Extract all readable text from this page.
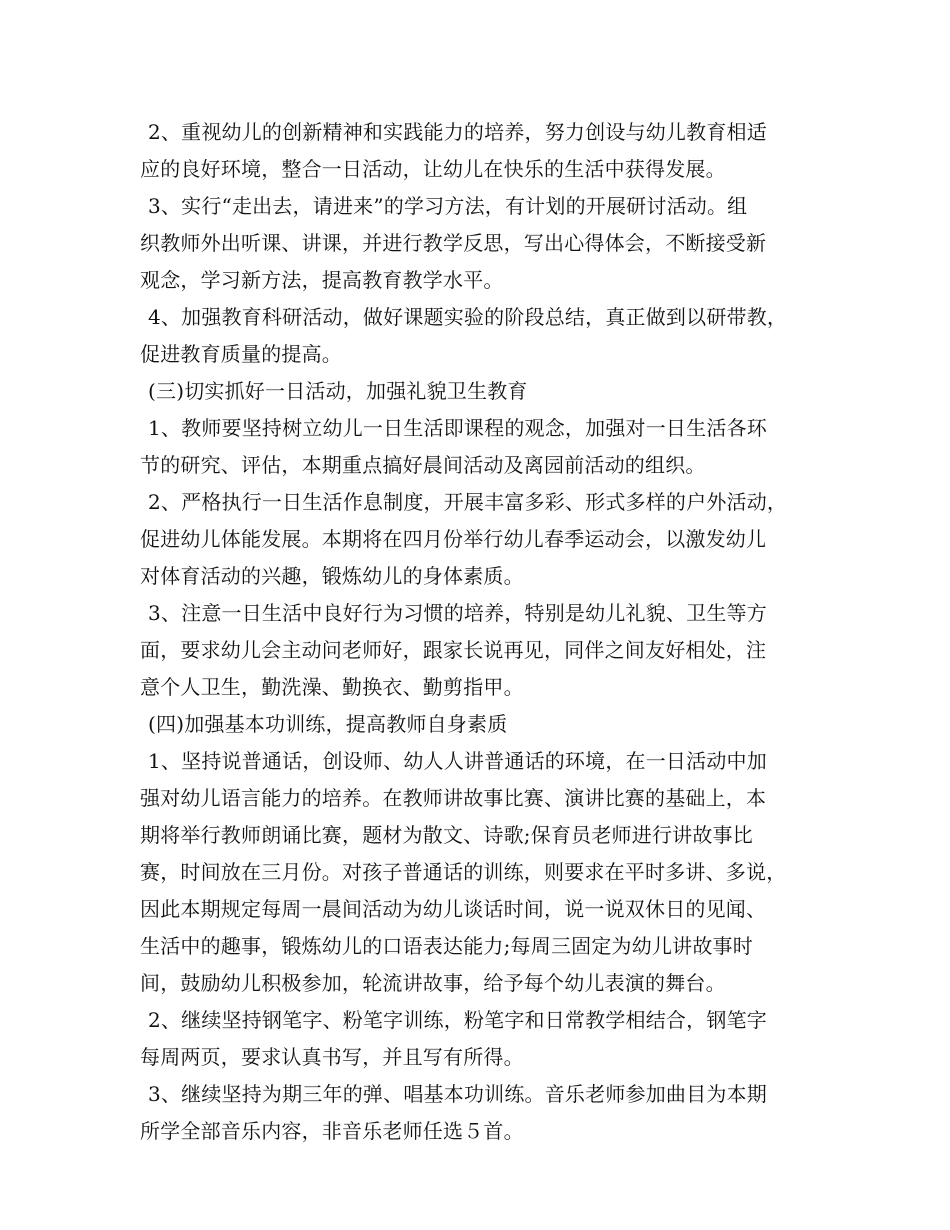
2、重视幼儿的创新精神和实践能力的培养，努力创设与幼儿教育相适
应的良好环境，整合一日活动，让幼儿在快乐的生活中获得发展。
3、实行“走出去，请进来”的学习方法，有计划的开展研讨活动。组
织教师外出听课、讲课，并进行教学反思，写出心得体会，不断接受新
观念，学习新方法，提高教育教学水平。
4、加强教育科研活动，做好课题实验的阶段总结，真正做到以研带教，
促进教育质量的提高。
(三)切实抓好一日活动，加强礼貌卫生教育
1、教师要坚持树立幼儿一日生活即课程的观念，加强对一日生活各环
节的研究、评估，本期重点搞好晨间活动及离园前活动的组织。
2、严格执行一日生活作息制度，开展丰富多彩、形式多样的户外活动，
促进幼儿体能发展。本期将在四月份举行幼儿春季运动会，以激发幼儿
对体育活动的兴趣，锻炼幼儿的身体素质。
3、注意一日生活中良好行为习惯的培养，特别是幼儿礼貌、卫生等方
面，要求幼儿会主动问老师好，跟家长说再见，同伴之间友好相处，注
意个人卫生，勤洗澡、勤换衣、勤剪指甲。
(四)加强基本功训练，提高教师自身素质
1、坚持说普通话，创设师、幼人人讲普通话的环境，在一日活动中加
强对幼儿语言能力的培养。在教师讲故事比赛、演讲比赛的基础上，本
期将举行教师朗诵比赛，题材为散文、诗歌;保育员老师进行讲故事比
赛，时间放在三月份。对孩子普通话的训练，则要求在平时多讲、多说，
因此本期规定每周一晨间活动为幼儿谈话时间，说一说双休日的见闻、
生活中的趣事，锻炼幼儿的口语表达能力;每周三固定为幼儿讲故事时
间，鼓励幼儿积极参加，轮流讲故事，给予每个幼儿表演的舞台。
2、继续坚持钢笔字、粉笔字训练，粉笔字和日常教学相结合，钢笔字
每周两页，要求认真书写，并且写有所得。
3、继续坚持为期三年的弹、唱基本功训练。音乐老师参加曲目为本期
所学全部音乐内容，非音乐老师任选５首。
